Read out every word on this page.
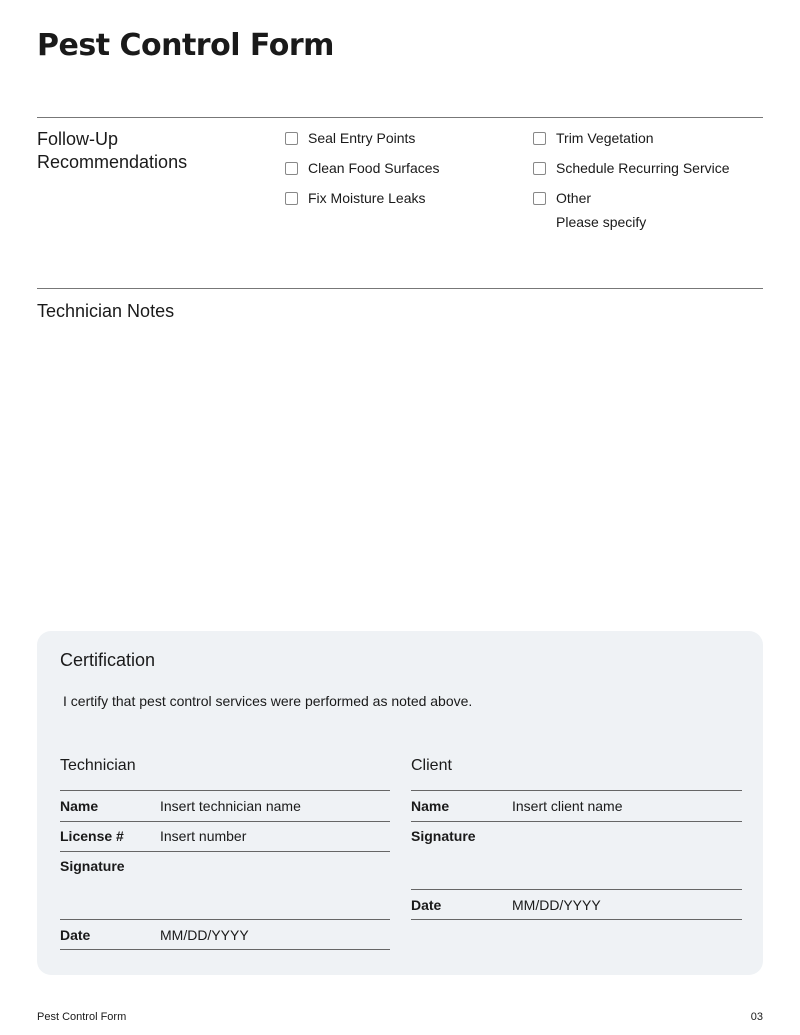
Pest Control Form
Follow-Up Recommendations
Seal Entry Points
Clean Food Surfaces
Fix Moisture Leaks
Trim Vegetation
Schedule Recurring Service
Other
Please specify
Technician Notes
Certification
I certify that pest control services were performed as noted above.
Technician
Name	Insert technician name
License #	Insert number
Signature
Date	MM/DD/YYYY
Client
Name	Insert client name
Signature
Date	MM/DD/YYYY
Pest Control Form	03
